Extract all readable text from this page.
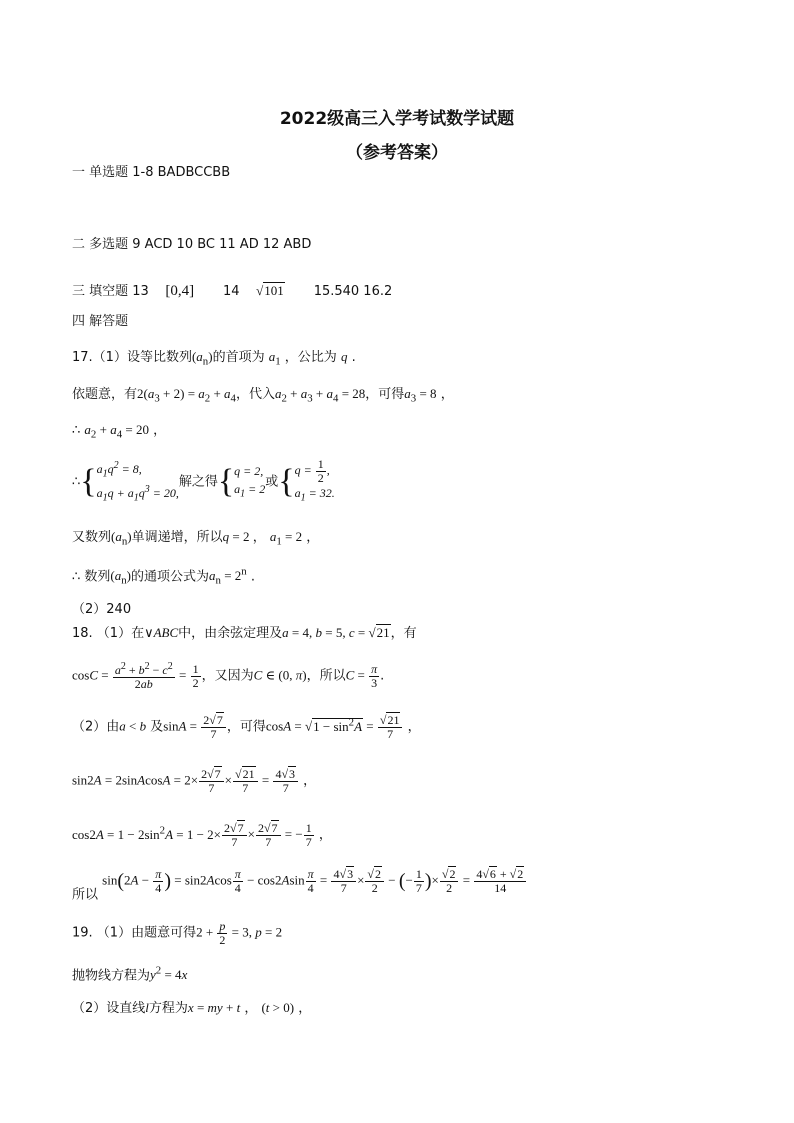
2022级高三入学考试数学试题
（参考答案）
一 单选题 1-8 BADBCCBB
二 多选题 9 ACD 10 BC 11 AD 12 ABD
三 填空题 13 [0,4] 14 √101 15.540 16.2
四 解答题
17.（1）设等比数列$(a_n)$的首项为 $a_1$ ，公比为 q .
依题意，有$2(a_3 + 2) = a_2 + a_4$，代入$a_2 + a_3 + a_4 = 28$，可得$a_3 = 8$ ，
∴ $a_2 + a_4 = 20$ ，
$\therefore\{a_1q^2 = 8$,
$a_1q + a_1q^3 = 20$,解之得{q = 2,
$a_1 = 2$或{$q = \frac{1}{2}$ ,
$a_1 = 32$.
又数列$(a_n)$单调递增，所以q = 2 ， $a_1 = 2$ ，
∴ 数列$(a_n)$的通项公式为$a_n = 2^n$ .
（2）240
18. （1）在∨ABC中，由余弦定理及a = 4, b = 5, c = √21，有
$\cos C = \frac{a^2 + b^2 - c^2}{2ab} = \frac{1}{2}$ ，又因为C ∈ (0, π)，所以$C = \frac{\pi}{3}$ .
（2）由a < b 及$\sin A = \frac{2√7}{7}$ ，可得$\cos A = √1 - \sin^2A = \frac{√21}{7}$ ，
sin2A = 2sinAcosA = $2\times \frac{2√7}{7} \times \frac{√21}{7} = \frac{4√3}{7}$ ，
$\cos 2A = 1 - 2\sin^2A = 1 - 2\times \frac{2√7}{7} \times \frac{2√7}{7}$ = − $\frac{1}{7}$ ，
所以 $\sin(2A - \frac{\pi}{4}$ ) = $\sin 2Acos \frac{\pi}{4} - \cos 2Asin \frac{\pi}{4} = \frac{4√3}{7} \times \frac{√2}{2}$ − (− $\frac{1}{7}$ )× $\frac{√2}{2} = \frac{4√6 + √2}{14}$
19. （1）由题意可得$2 + \frac{p}{2} = 3$, p = 2
抛物线方程为$y^2 = 4x$
（2）设直线l方程为x = my + t ， (t > 0) ，
